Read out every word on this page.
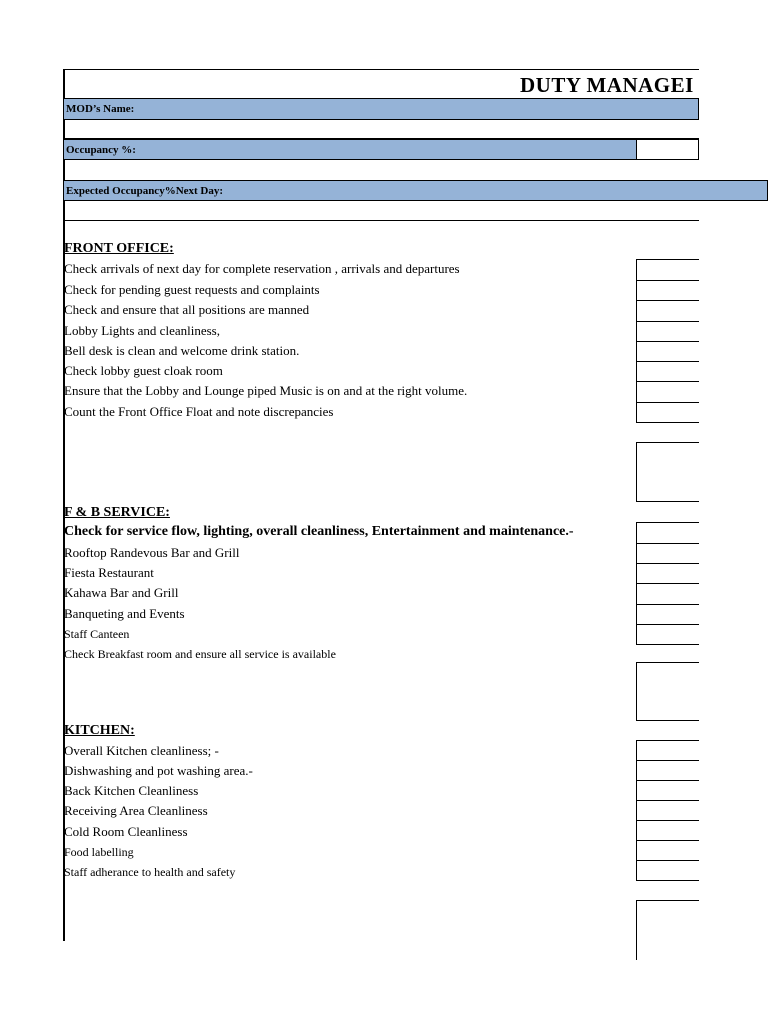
DUTY MANAGEI
MOD’s Name:
Occupancy %:
Expected Occupancy%Next Day:
FRONT OFFICE:
Check arrivals of next day for complete reservation , arrivals and departures
Check for pending guest requests and complaints
Check and ensure that all positions are manned
Lobby Lights and cleanliness,
Bell desk is clean and welcome drink station.
Check lobby guest cloak room
Ensure that the Lobby and Lounge piped Music is on and at the right volume.
Count the Front Office Float and note discrepancies
F & B SERVICE:
Check for service flow, lighting, overall cleanliness, Entertainment and maintenance.-
Rooftop Randevous Bar and Grill
Fiesta Restaurant
Kahawa Bar and Grill
Banqueting and Events
Staff Canteen
Check Breakfast room and ensure all service is available
KITCHEN:
Overall Kitchen cleanliness; -
Dishwashing and pot washing area.-
Back Kitchen Cleanliness
Receiving Area Cleanliness
Cold Room Cleanliness
Food labelling
Staff adherance to health and safety
